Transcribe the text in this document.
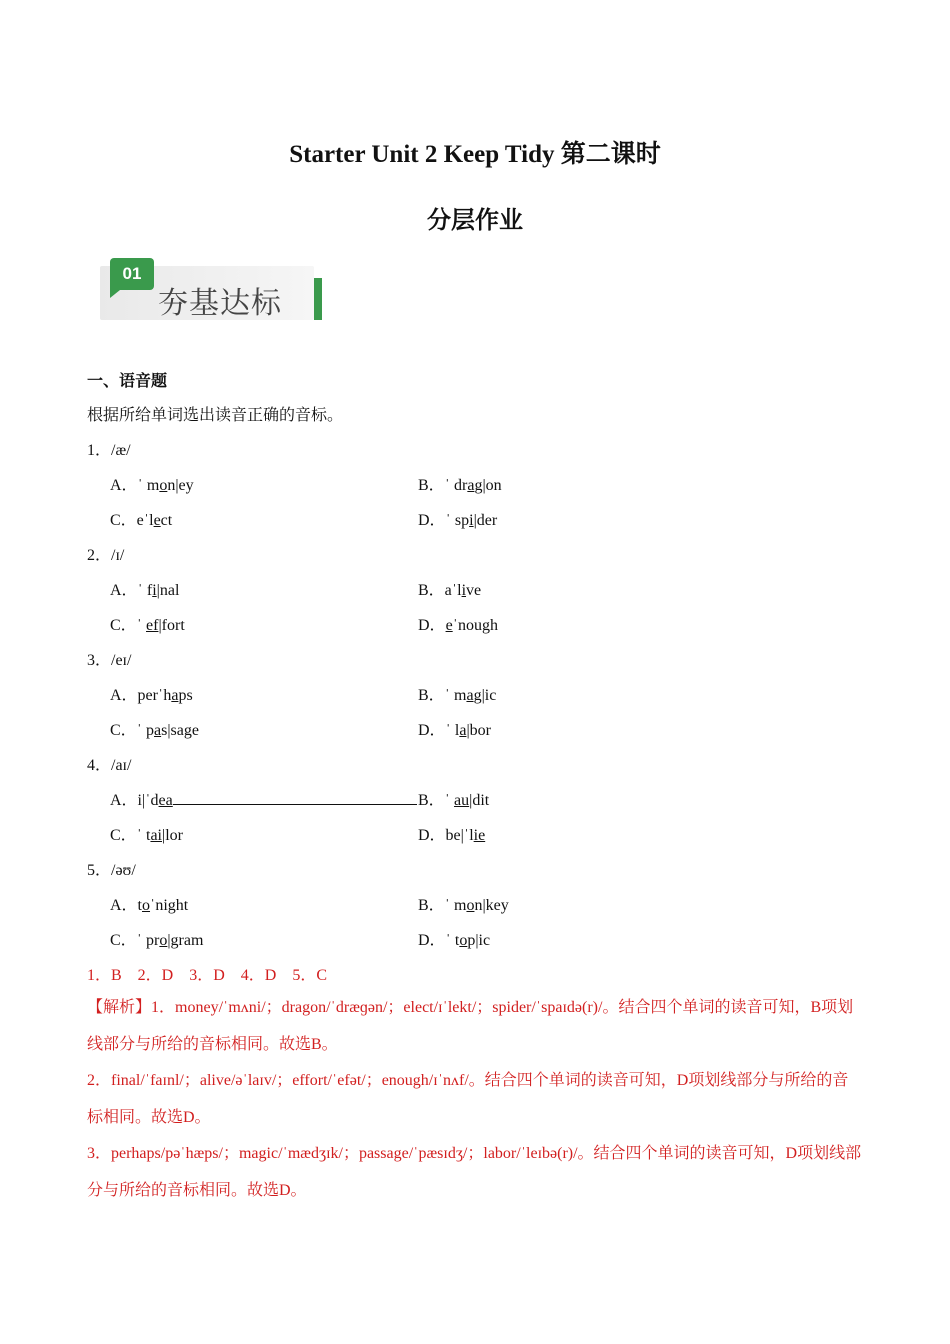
Starter Unit 2 Keep Tidy 第二课时
分层作业
01
夯基达标
一、语音题
根据所给单词选出读音正确的音标。
1．/æ/
A．ˈ mon|ey	B．ˈ drag|on
C．eˈlect	D．ˈ spi|der
2．/ɪ/
A．ˈ fi|nal	B．aˈlive
C．ˈ ef|fort	D．eˈnough
3．/eɪ/
A．perˈhaps	B．ˈ mag|ic
C．ˈ pas|sage	D．ˈ la|bor
4．/aɪ/
A．i|ˈdea	B．ˈ au|dit
C．ˈ tai|lor	D．be|ˈlie
5．/əʊ/
A．toˈnight	B．ˈ mon|key
C．ˈ pro|gram	D．ˈ top|ic
1．B　2．D　3．D　4．D　5．C
【解析】1．money/ˈmʌni/；dragon/ˈdræɡən/；elect/ɪˈlekt/；spider/ˈspaɪdə(r)/。结合四个单词的读音可知，B项划线部分与所给的音标相同。故选B。
2．final/ˈfaɪnl/；alive/əˈlaɪv/；effort/ˈefət/；enough/ɪˈnʌf/。结合四个单词的读音可知，D项划线部分与所给的音标相同。故选D。
3．perhaps/pəˈhæps/；magic/ˈmædʒɪk/；passage/ˈpæsɪdʒ/；labor/ˈleɪbə(r)/。结合四个单词的读音可知，D项划线部分与所给的音标相同。故选D。
